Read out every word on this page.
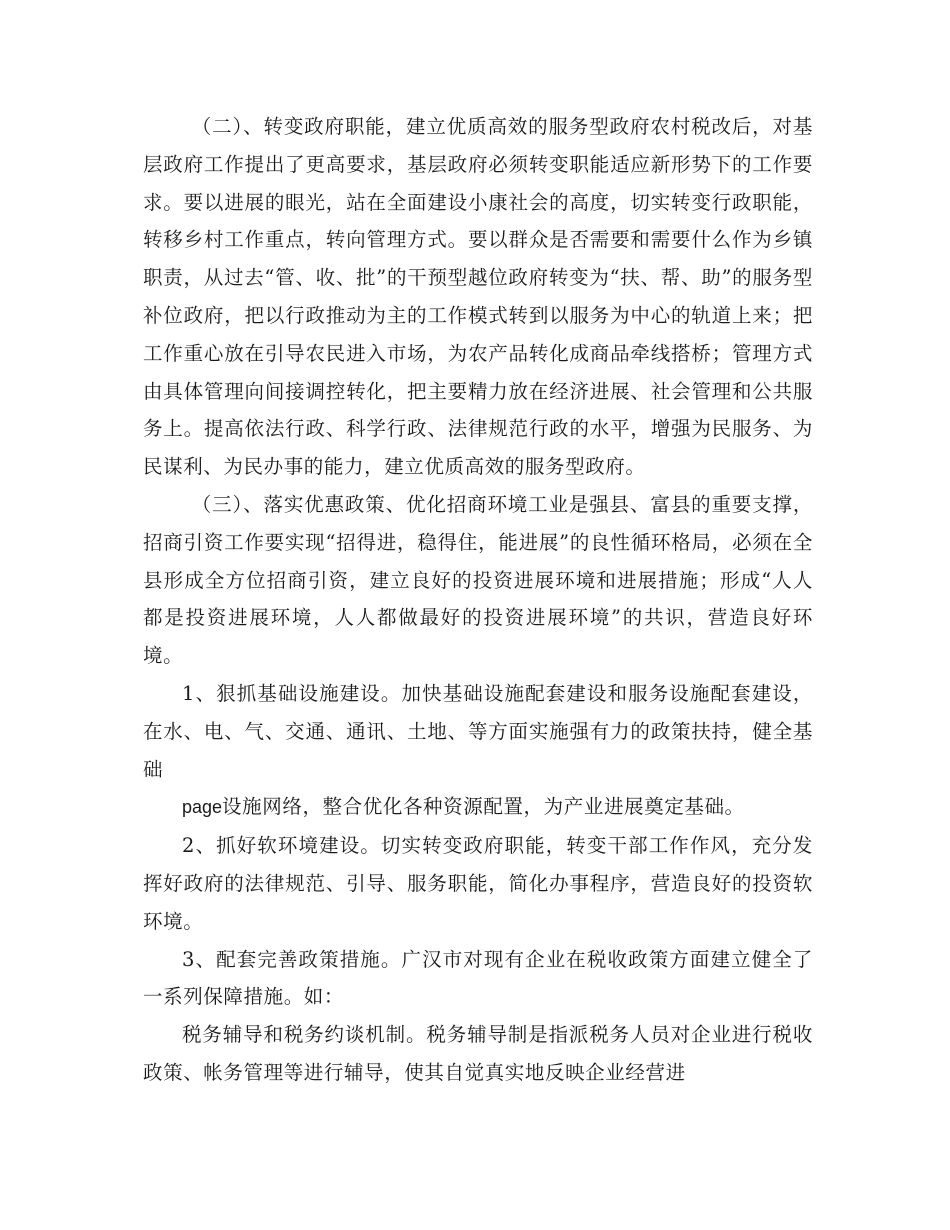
（二）、转变政府职能，建立优质高效的服务型政府农村税改后，对基层政府工作提出了更高要求，基层政府必须转变职能适应新形势下的工作要求。要以进展的眼光，站在全面建设小康社会的高度，切实转变行政职能，转移乡村工作重点，转向管理方式。要以群众是否需要和需要什么作为乡镇职责，从过去“管、收、批”的干预型越位政府转变为“扶、帮、助”的服务型补位政府，把以行政推动为主的工作模式转到以服务为中心的轨道上来；把工作重心放在引导农民进入市场，为农产品转化成商品牵线搭桥；管理方式由具体管理向间接调控转化，把主要精力放在经济进展、社会管理和公共服务上。提高依法行政、科学行政、法律规范行政的水平，增强为民服务、为民谋利、为民办事的能力，建立优质高效的服务型政府。

（三）、落实优惠政策、优化招商环境工业是强县、富县的重要支撑，招商引资工作要实现“招得进，稳得住，能进展”的良性循环格局，必须在全县形成全方位招商引资，建立良好的投资进展环境和进展措施；形成“人人都是投资进展环境，人人都做最好的投资进展环境”的共识，营造良好环境。

1、狠抓基础设施建设。加快基础设施配套建设和服务设施配套建设，在水、电、气、交通、通讯、土地、等方面实施强有力的政策扶持，健全基础

page设施网络，整合优化各种资源配置，为产业进展奠定基础。

2、抓好软环境建设。切实转变政府职能，转变干部工作作风，充分发挥好政府的法律规范、引导、服务职能，简化办事程序，营造良好的投资软环境。

3、配套完善政策措施。广汉市对现有企业在税收政策方面建立健全了一系列保障措施。如：

税务辅导和税务约谈机制。税务辅导制是指派税务人员对企业进行税收政策、帐务管理等进行辅导，使其自觉真实地反映企业经营进
